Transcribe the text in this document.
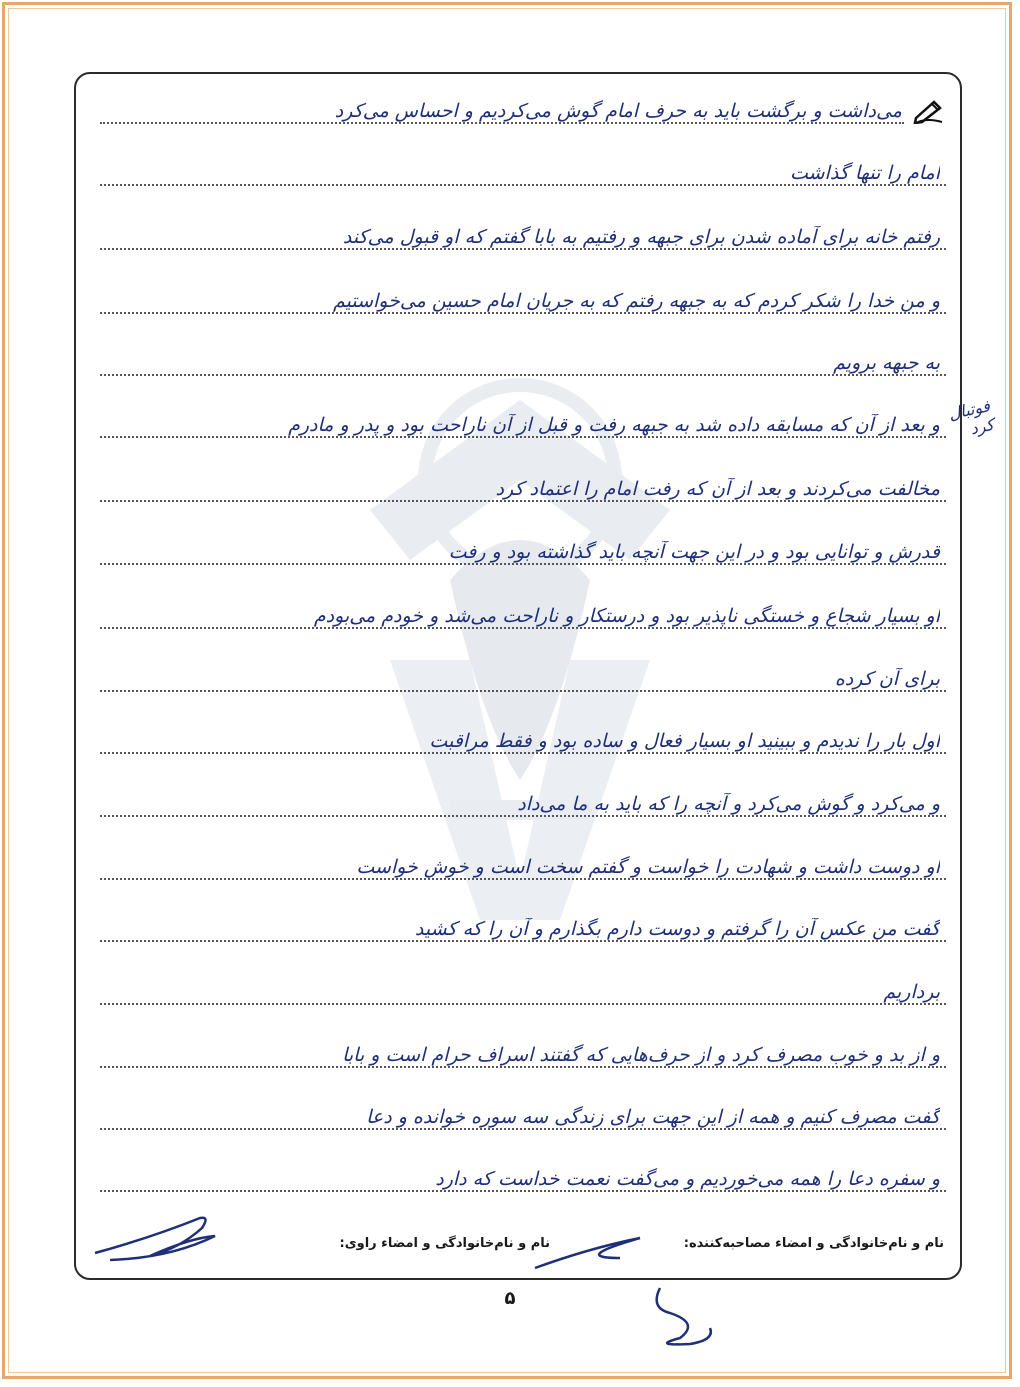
می‌داشت و برگشت باید به حرف امام گوش می‌کردیم و احساس می‌کرد
امام را تنها گذاشت
رفتم خانه برای آماده شدن برای جبهه و رفتیم به بابا گفتم که او قبول می‌کند
و من خدا را شکر کردم که به جبهه رفتم که به جریان امام حسین می‌خواستیم
به جبهه برویم
و بعد از آن که مسابقه داده شد به جبهه رفت و قبل از آن ناراحت بود و پدر و مادرم
مخالفت می‌کردند و بعد از آن که رفت امام را اعتماد کرد
قدرش و توانایی بود و در این جهت آنچه باید گذاشته بود و رفت
او بسیار شجاع و خستگی ناپذیر بود و درستکار و ناراحت می‌شد و خودم می‌بودم
برای آن کرده
اول بار را ندیدم و ببینید او بسیار فعال و ساده بود و فقط مراقبت
و می‌کرد و گوش می‌کرد و آنچه را که باید به ما می‌داد
او دوست داشت و شهادت را خواست و گفتم سخت است و خوش خواست
گفت من عکس آن را گرفتم و دوست دارم بگذارم و آن را که کشید
برداریم
و از بد و خوب مصرف کرد و از حرف‌هایی که گفتند اسراف حرام است و بابا
گفت مصرف کنیم و همه از این جهت برای زندگی سه سوره خوانده و دعا
و سفره دعا را همه می‌خوردیم و می‌گفت نعمت خداست که دارد
فوتبال کرد
نام و نام‌خانوادگی و امضاء مصاحبه‌کننده:
نام و نام‌خانوادگی و امضاء راوی:
۵
